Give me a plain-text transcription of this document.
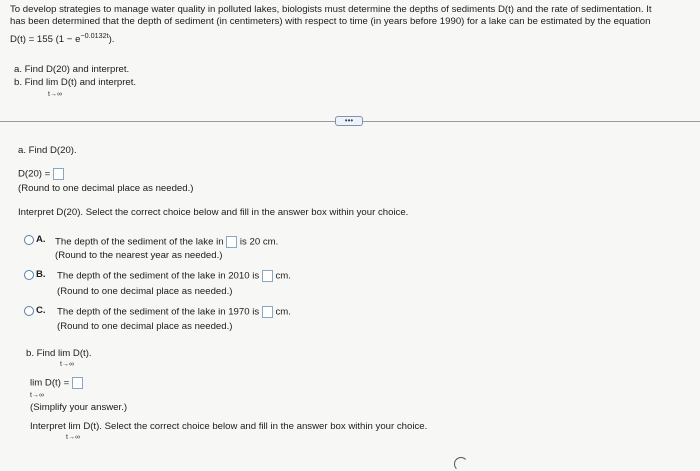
To develop strategies to manage water quality in polluted lakes, biologists must determine the depths of sediments D(t) and the rate of sedimentation. It
has been determined that the depth of sediment (in centimeters) with respect to time (in years before 1990) for a lake can be estimated by the equation
D(t) = 155 $(1 - e^{-0.0132t})$.
a. Find D(20) and interpret.
b. Find lim D(t) and interpret.
t→∞
•••
a. Find D(20).
D(20) =
(Round to one decimal place as needed.)
Interpret D(20). Select the correct choice below and fill in the answer box within your choice.
A. The depth of the sediment of the lake in is 20 cm.
(Round to the nearest year as needed.)
B. The depth of the sediment of the lake in 2010 is cm.
(Round to one decimal place as needed.)
C. The depth of the sediment of the lake in 1970 is cm.
(Round to one decimal place as needed.)
b. Find lim D(t).
t→∞
lim D(t) =
t→∞
(Simplify your answer.)
Interpret lim D(t). Select the correct choice below and fill in the answer box within your choice.
t→∞
